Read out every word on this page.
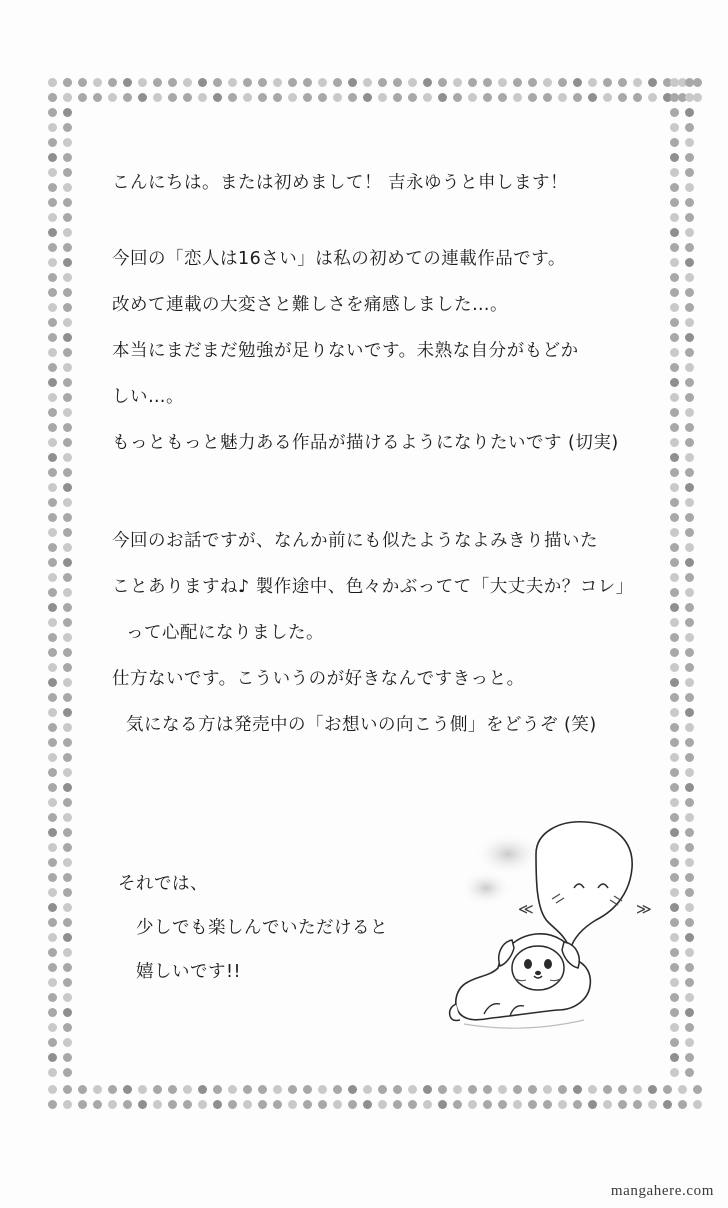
こんにちは。または初めまして！ 吉永ゆうと申します！
今回の「恋人は16さい」は私の初めての連載作品です。
改めて連載の大変さと難しさを痛感しました…。
本当にまだまだ勉強が足りないです。未熟な自分がもどか
しい…。
もっともっと魅力ある作品が描けるようになりたいです (切実)
今回のお話ですが、なんか前にも似たようなよみきり描いた
ことありますね♪ 製作途中、色々かぶってて「大丈夫か？コレ」
って心配になりました。
仕方ないです。こういうのが好きなんですきっと。
気になる方は発売中の「お想いの向こう側」をどうぞ (笑)
それでは、
少しでも楽しんでいただけると
嬉しいです!!
≪	≫
mangahere.com
